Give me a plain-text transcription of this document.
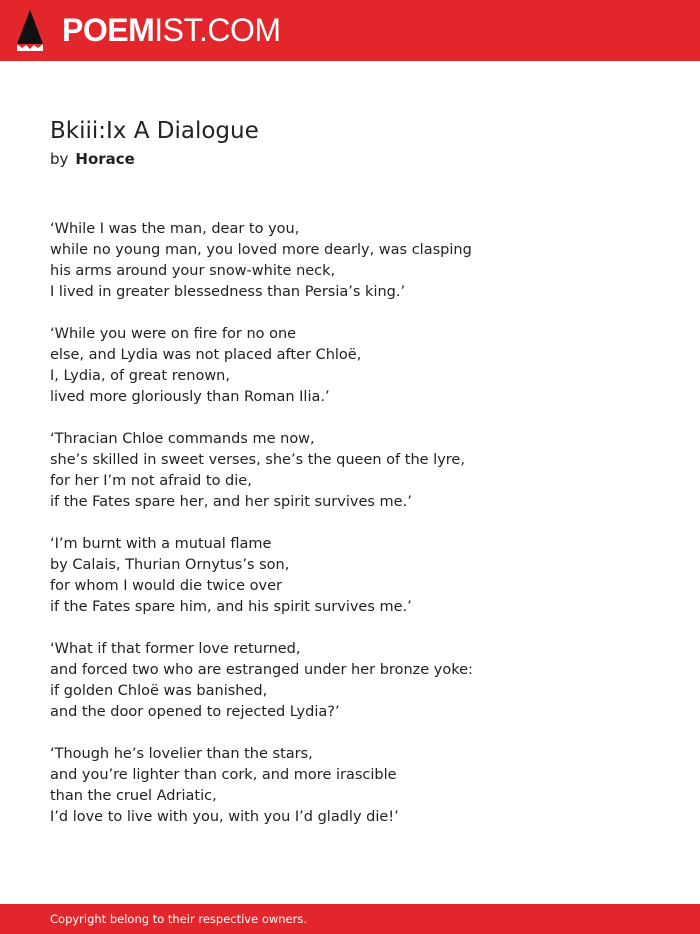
POEMIST.COM
Bkiii:Ix A Dialogue
by Horace
‘While I was the man, dear to you,
while no young man, you loved more dearly, was clasping
his arms around your snow-white neck,
I lived in greater blessedness than Persia’s king.’
‘While you were on fire for no one
else, and Lydia was not placed after Chloë,
I, Lydia, of great renown,
lived more gloriously than Roman Ilia.’
‘Thracian Chloe commands me now,
she’s skilled in sweet verses, she’s the queen of the lyre,
for her I’m not afraid to die,
if the Fates spare her, and her spirit survives me.’
‘I’m burnt with a mutual flame
by Calais, Thurian Ornytus’s son,
for whom I would die twice over
if the Fates spare him, and his spirit survives me.’
‘What if that former love returned,
and forced two who are estranged under her bronze yoke:
if golden Chloë was banished,
and the door opened to rejected Lydia?’
‘Though he’s lovelier than the stars,
and you’re lighter than cork, and more irascible
than the cruel Adriatic,
I’d love to live with you, with you I’d gladly die!’
Copyright belong to their respective owners.
